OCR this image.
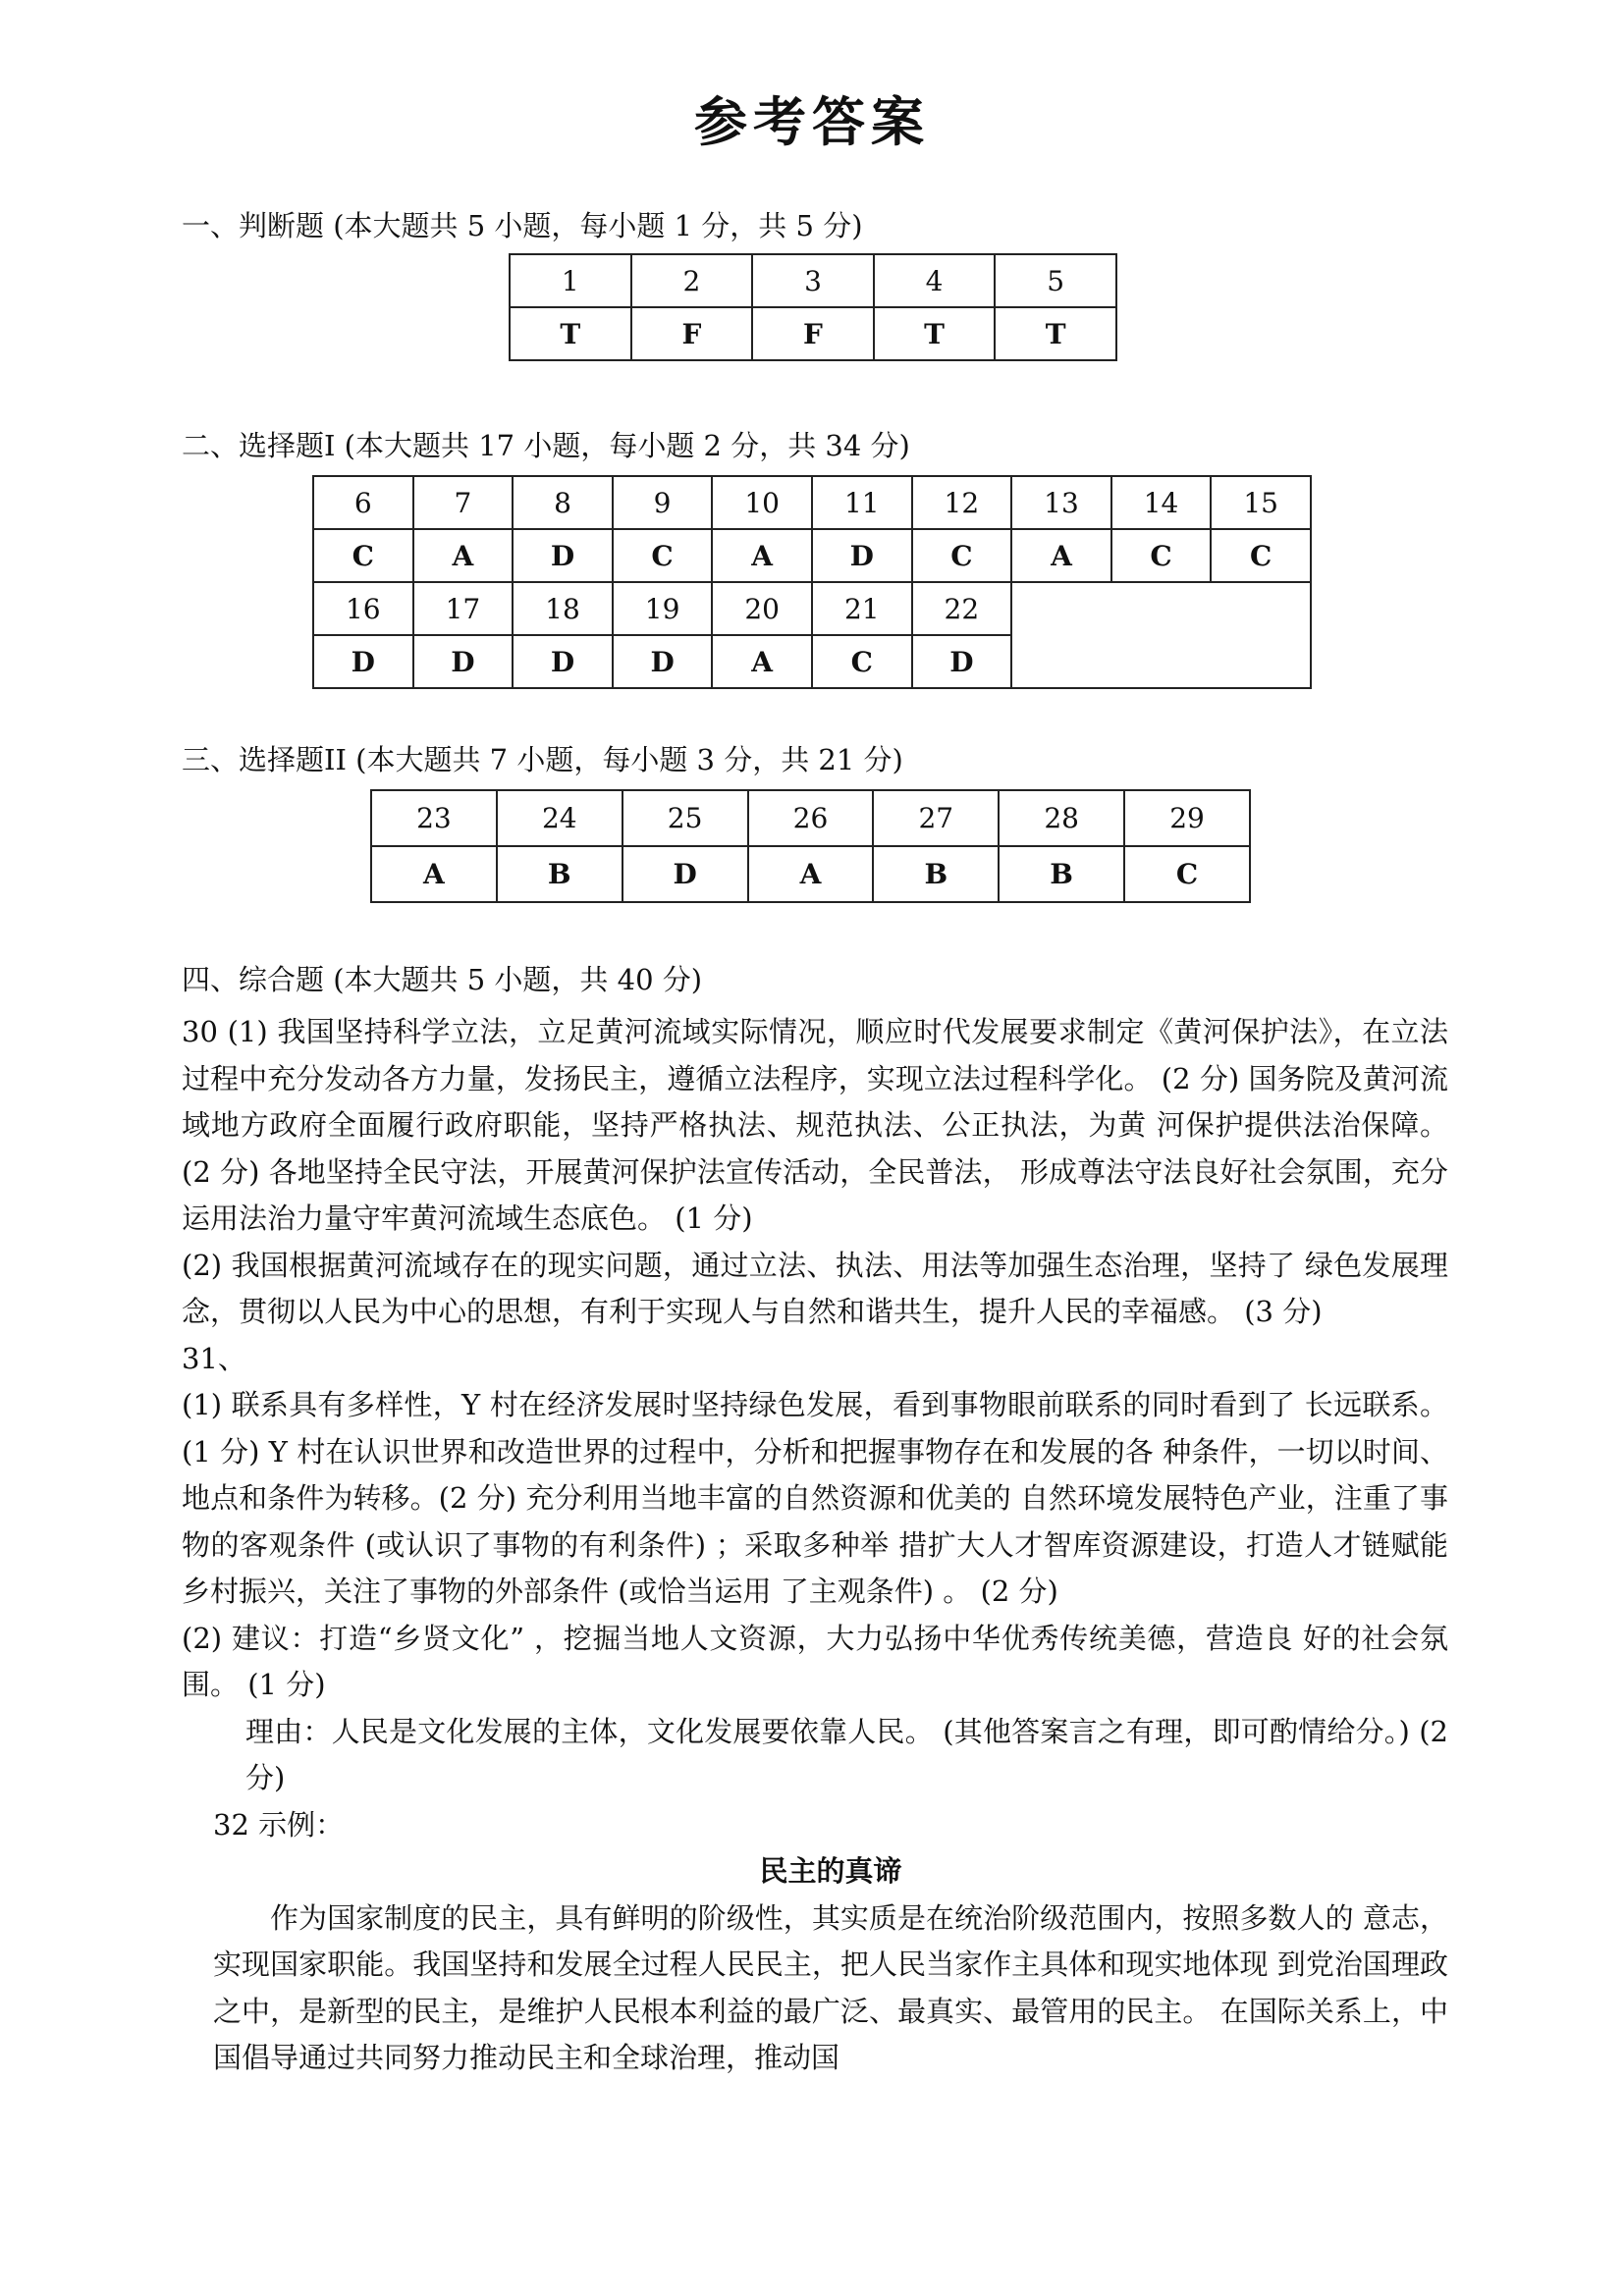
参考答案
一、判断题 (本大题共 5 小题，每小题 1 分，共 5 分)
1	2	3	4	5
T	F	F	T	T
二、选择题I (本大题共 17 小题，每小题 2 分，共 34 分)
6	7	8	9	10	11	12	13	14	15
C	A	D	C	A	D	C	A	C	C
16	17	18	19	20	21	22			
D	D	D	D	A	C	D			
三、选择题II (本大题共 7 小题，每小题 3 分，共 21 分)
23	24	25	26	27	28	29
A	B	D	A	B	B	C
四、综合题 (本大题共 5 小题，共 40 分)

30 (1) 我国坚持科学立法，立足黄河流域实际情况，顺应时代发展要求制定《黄河保护法》，在立法过程中充分发动各方力量，发扬民主，遵循立法程序，实现立法过程科学化。 (2 分) 国务院及黄河流域地方政府全面履行政府职能，坚持严格执法、规范执法、公正执法，为黄 河保护提供法治保障。 (2 分) 各地坚持全民守法，开展黄河保护法宣传活动，全民普法， 形成尊法守法良好社会氛围，充分运用法治力量守牢黄河流域生态底色。 (1 分)

(2) 我国根据黄河流域存在的现实问题，通过立法、执法、用法等加强生态治理，坚持了 绿色发展理念，贯彻以人民为中心的思想，有利于实现人与自然和谐共生，提升人民的幸福感。 (3 分)

31、

(1) 联系具有多样性，Y 村在经济发展时坚持绿色发展，看到事物眼前联系的同时看到了 长远联系。(1 分) Y 村在认识世界和改造世界的过程中，分析和把握事物存在和发展的各 种条件，一切以时间、地点和条件为转移。(2 分) 充分利用当地丰富的自然资源和优美的 自然环境发展特色产业，注重了事物的客观条件 (或认识了事物的有利条件) ；采取多种举 措扩大人才智库资源建设，打造人才链赋能乡村振兴，关注了事物的外部条件 (或恰当运用 了主观条件) 。 (2 分)

(2) 建议：打造“乡贤文化” ，挖掘当地人文资源，大力弘扬中华优秀传统美德，营造良 好的社会氛围。 (1 分)

理由：人民是文化发展的主体，文化发展要依靠人民。 (其他答案言之有理，即可酌情给分。) (2 分)

32 示例：

民主的真谛

作为国家制度的民主，具有鲜明的阶级性，其实质是在统治阶级范围内，按照多数人的 意志，实现国家职能。我国坚持和发展全过程人民民主，把人民当家作主具体和现实地体现 到党治国理政之中，是新型的民主，是维护人民根本利益的最广泛、最真实、最管用的民主。 在国际关系上，中国倡导通过共同努力推动民主和全球治理，推动国
